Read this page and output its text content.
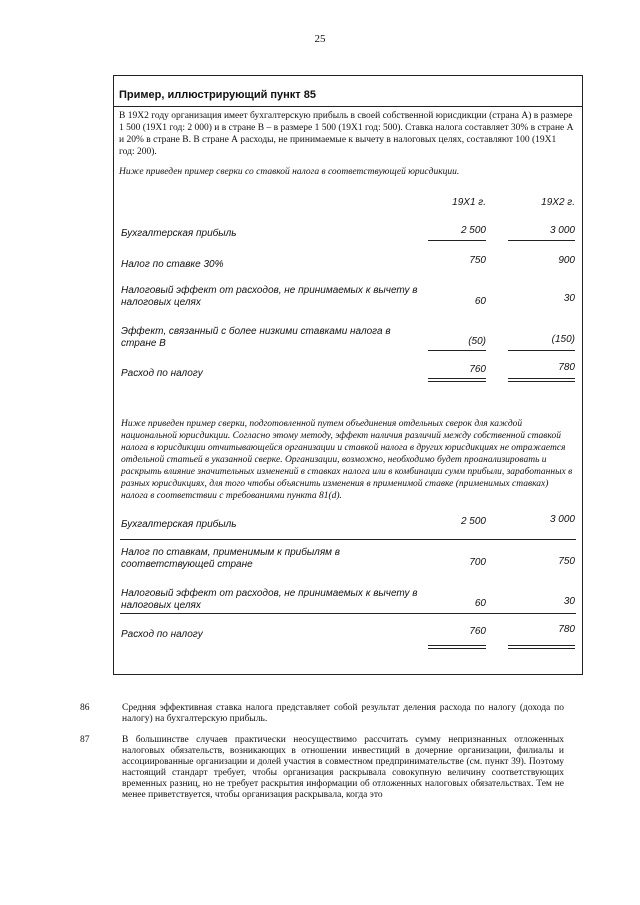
25
Пример, иллюстрирующий пункт 85
В 19Х2 году организация имеет бухгалтерскую прибыль в своей собственной юрисдикции (страна А) в размере 1 500 (19Х1 год: 2 000) и в стране В – в размере 1 500 (19Х1 год: 500). Ставка налога составляет 30% в стране А и 20% в стране В. В стране А расходы, не принимаемые к вычету в налоговых целях, составляют 100 (19Х1 год: 200).
Ниже приведен пример сверки со ставкой налога в соответствующей юрисдикции.
19X1 г.	19X2 г.
Бухгалтерская прибыль	2 500	3 000
Налог по ставке 30%	750	900
Налоговый эффект от расходов, не принимаемых к вычету в налоговых целях	60	30
Эффект, связанный с более низкими ставками налога в стране B	(50)	(150)
Расход по налогу	760	780
Ниже приведен пример сверки, подготовленной путем объединения отдельных сверок для каждой национальной юрисдикции. Согласно этому методу, эффект наличия различий между собственной ставкой налога в юрисдикции отчитывающейся организации и ставкой налога в других юрисдикциях не отражается отдельной статьей в указанной сверке. Организации, возможно, необходимо будет проанализировать и раскрыть влияние значительных изменений в ставках налога или в комбинации сумм прибыли, заработанных в разных юрисдикциях, для того чтобы объяснить изменения в применимой ставке (применимых ставках) налога в соответствии с требованиями пункта 81(d).
Бухгалтерская прибыль	2 500	3 000
Налог по ставкам, применимым к прибылям в соответствующей стране	700	750
Налоговый эффект от расходов, не принимаемых к вычету в налоговых целях	60	30
Расход по налогу	760	780
86	Средняя эффективная ставка налога представляет собой результат деления расхода по налогу (дохода по налогу) на бухгалтерскую прибыль.
87	В большинстве случаев практически неосуществимо рассчитать сумму непризнанных отложенных налоговых обязательств, возникающих в отношении инвестиций в дочерние организации, филиалы и ассоциированные организации и долей участия в совместном предпринимательстве (см. пункт 39). Поэтому настоящий стандарт требует, чтобы организация раскрывала совокупную величину соответствующих временных разниц, но не требует раскрытия информации об отложенных налоговых обязательствах. Тем не менее приветствуется, чтобы организация раскрывала, когда это
